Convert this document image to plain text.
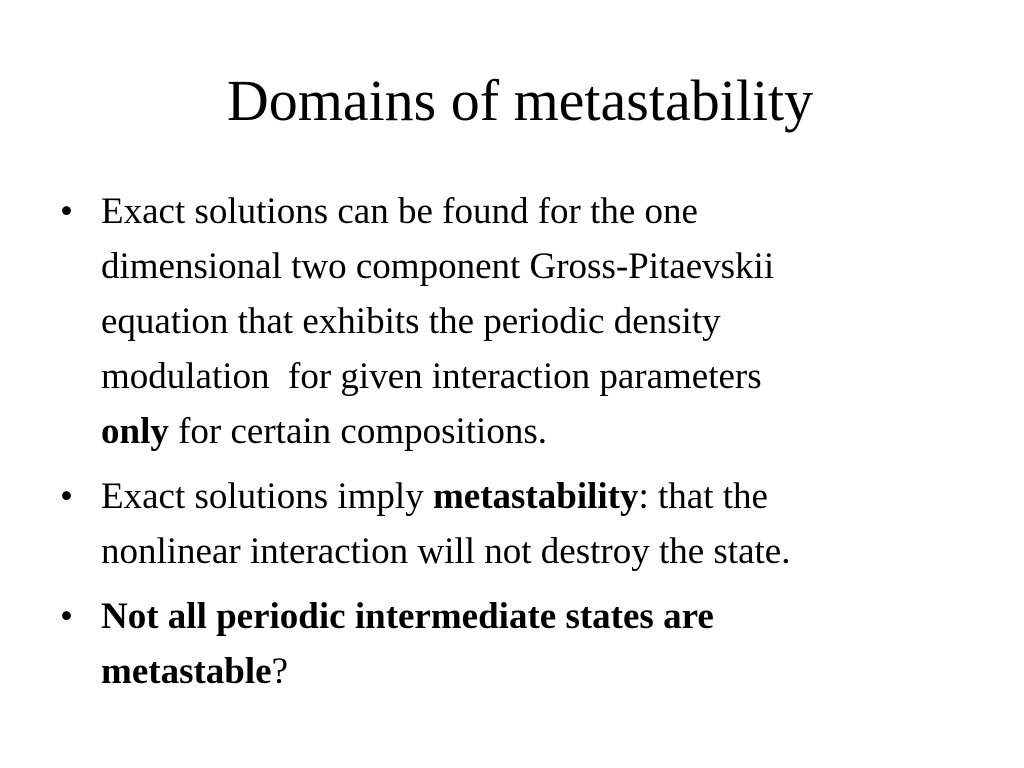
Domains of metastability
• Exact solutions can be found for the one
dimensional two component Gross-Pitaevskii
equation that exhibits the periodic density
modulation  for given interaction parameters
only for certain compositions.
• Exact solutions imply metastability: that the
nonlinear interaction will not destroy the state.
• Not all periodic intermediate states are
metastable?
